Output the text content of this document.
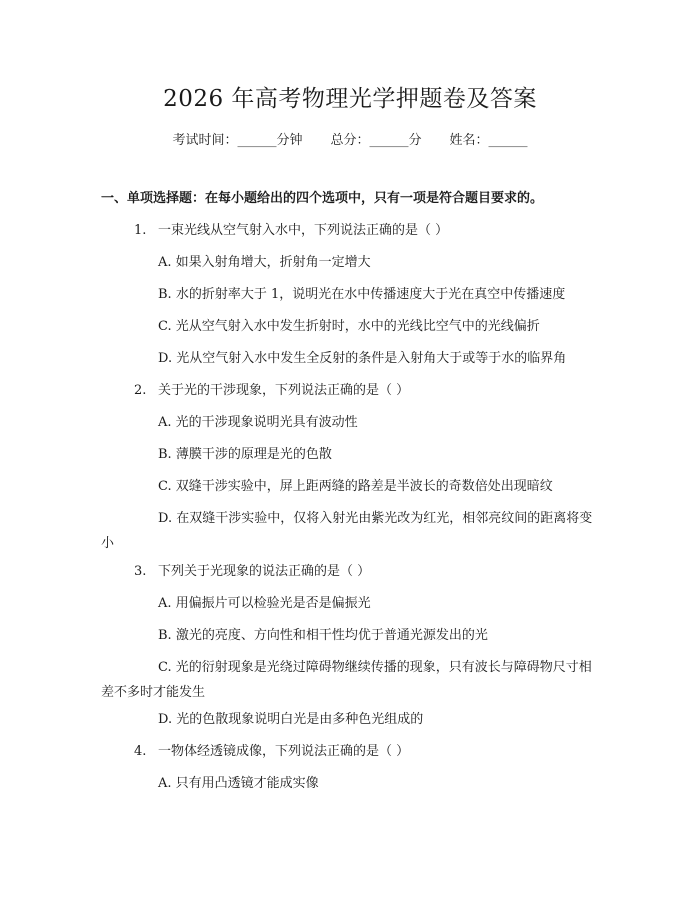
2026 年高考物理光学押题卷及答案
考试时间：______分钟 总分：______分 姓名：______
一、单项选择题：在每小题给出的四个选项中，只有一项是符合题目要求的。
1. 一束光线从空气射入水中，下列说法正确的是（ ）
A. 如果入射角增大，折射角一定增大
B. 水的折射率大于 1，说明光在水中传播速度大于光在真空中传播速度
C. 光从空气射入水中发生折射时，水中的光线比空气中的光线偏折
D. 光从空气射入水中发生全反射的条件是入射角大于或等于水的临界角
2. 关于光的干涉现象，下列说法正确的是（ ）
A. 光的干涉现象说明光具有波动性
B. 薄膜干涉的原理是光的色散
C. 双缝干涉实验中，屏上距两缝的路差是半波长的奇数倍处出现暗纹
D. 在双缝干涉实验中，仅将入射光由紫光改为红光，相邻亮纹间的距离将变小
3. 下列关于光现象的说法正确的是（ ）
A. 用偏振片可以检验光是否是偏振光
B. 激光的亮度、方向性和相干性均优于普通光源发出的光
C. 光的衍射现象是光绕过障碍物继续传播的现象，只有波长与障碍物尺寸相差不多时才能发生
D. 光的色散现象说明白光是由多种色光组成的
4. 一物体经透镜成像，下列说法正确的是（ ）
A. 只有用凸透镜才能成实像
